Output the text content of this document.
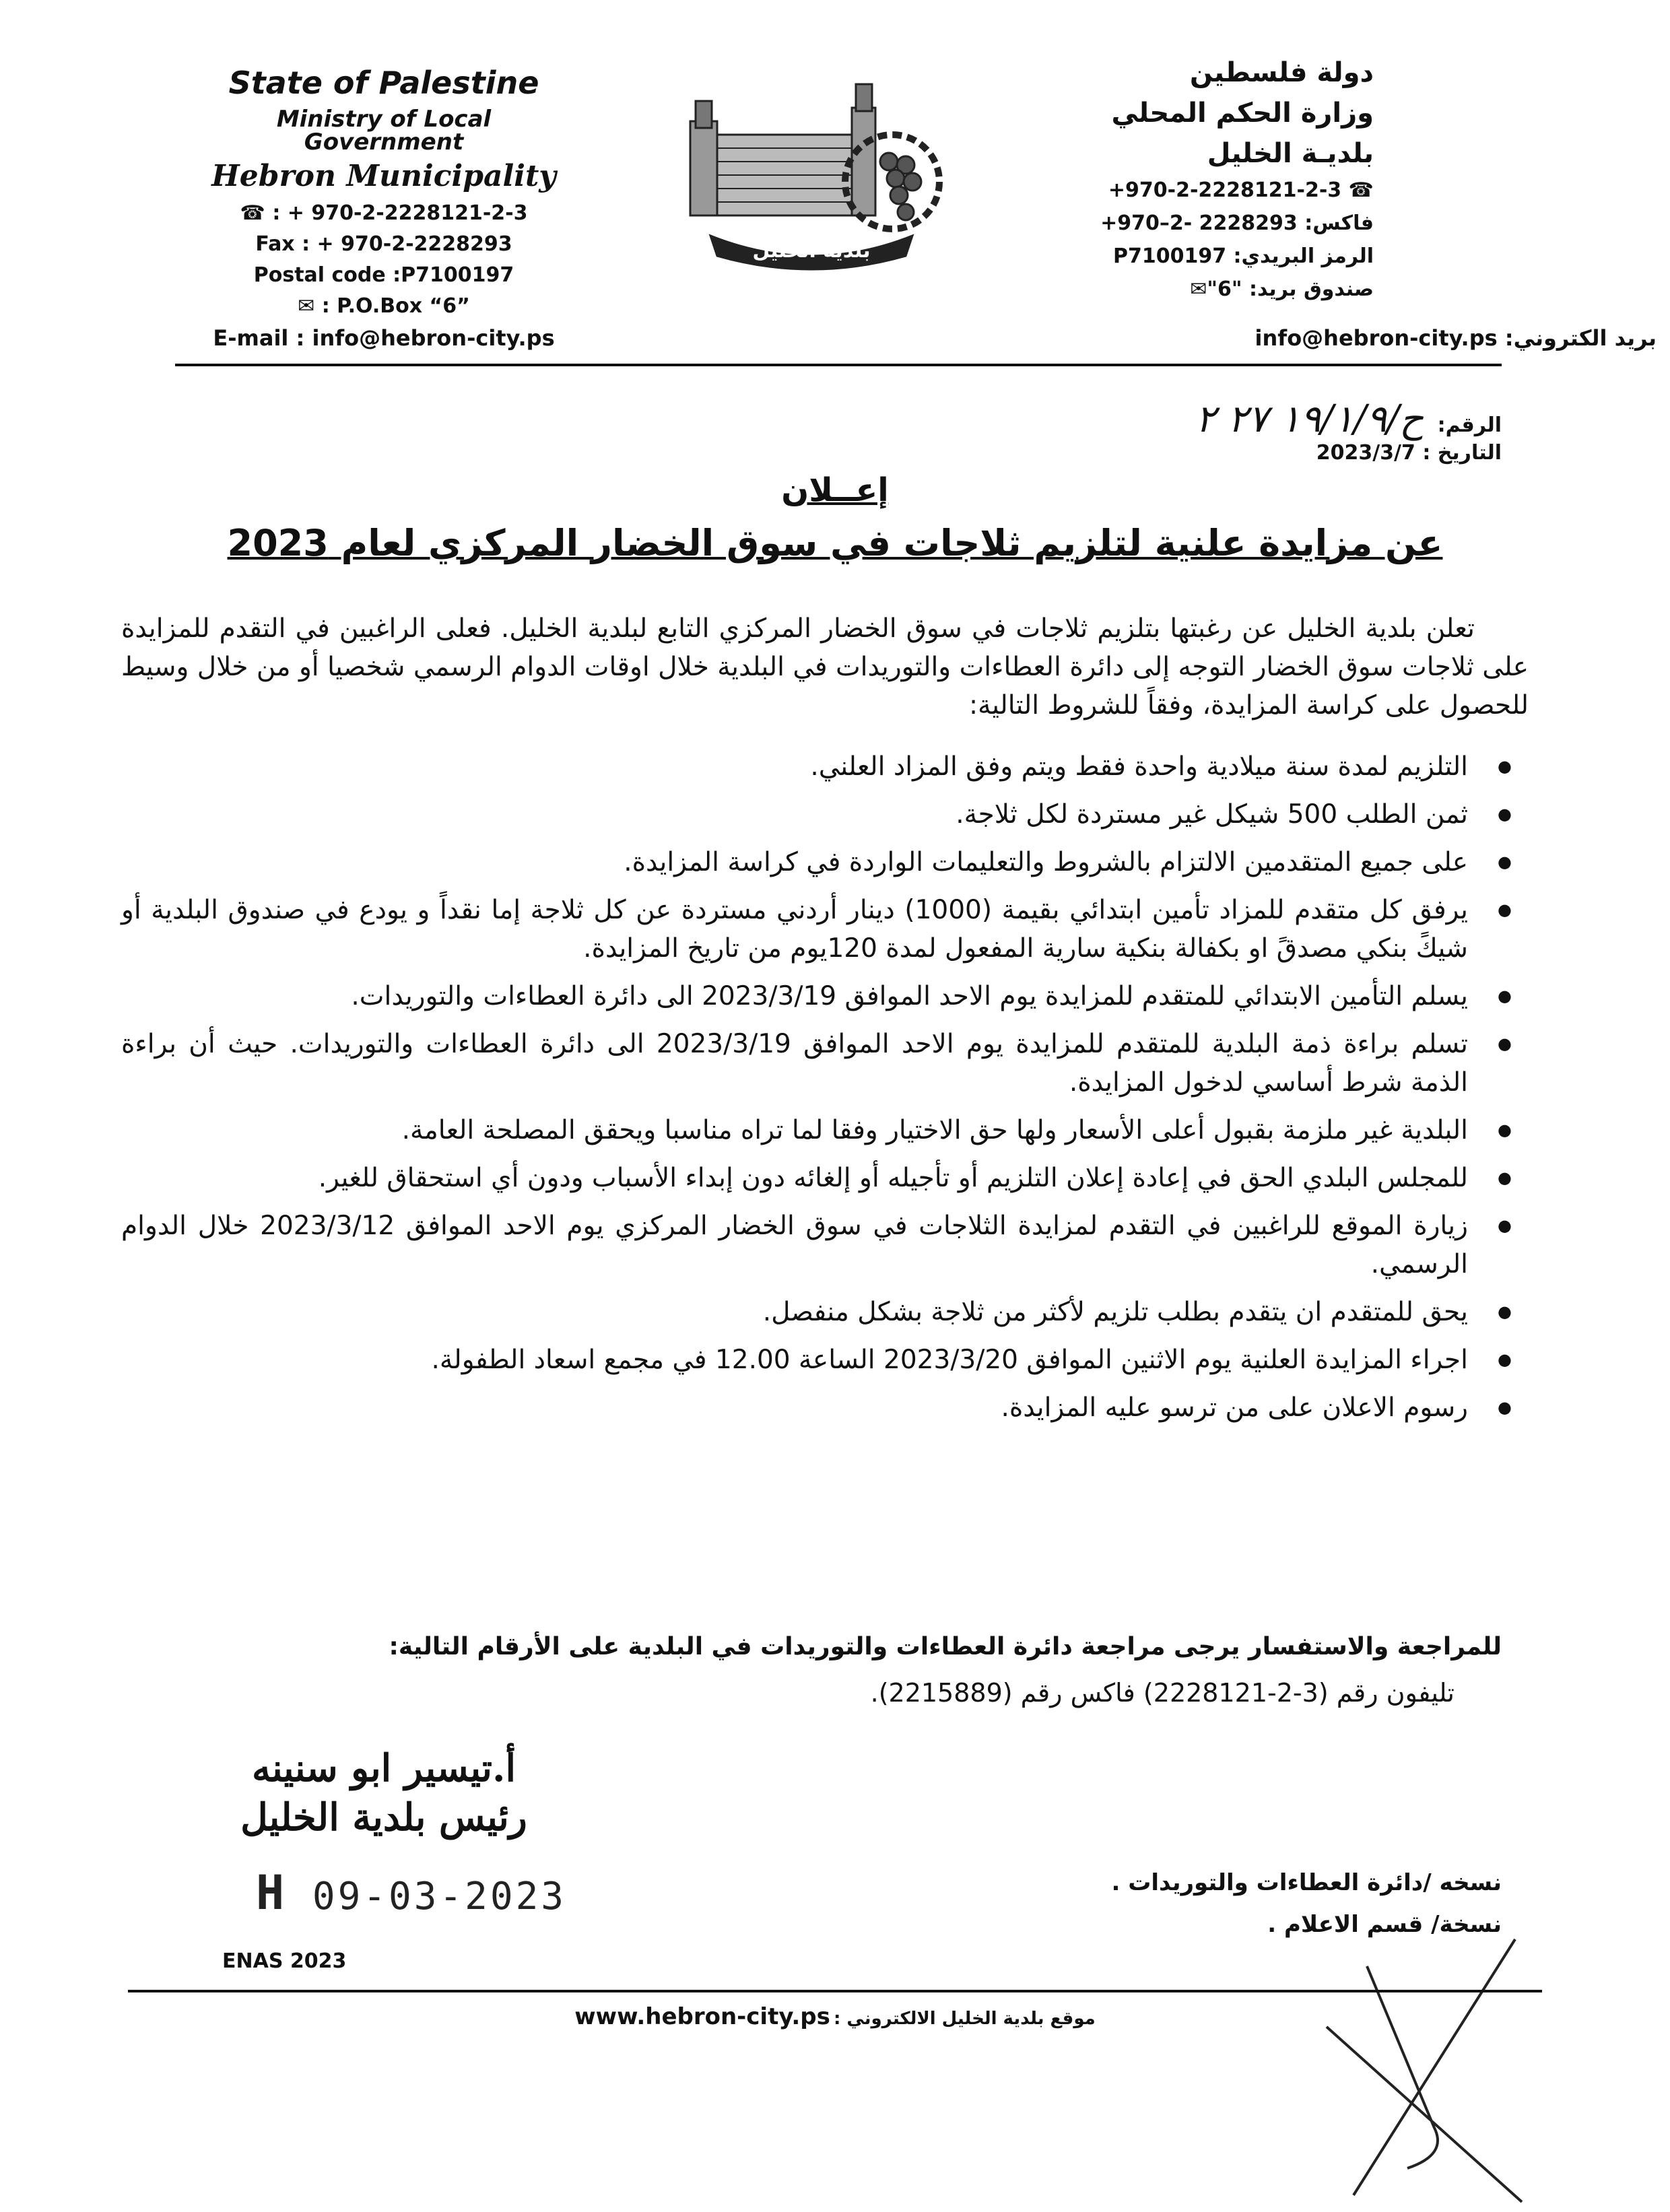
State of Palestine
Ministry of Local Government
Hebron Municipality
☎ : + 970-2-2228121-2-3
Fax : + 970-2-2228293
Postal code :P7100197
✉ : P.O.Box “6”
E-mail : info@hebron-city.ps
بلدية الخليل
دولة فلسطين
وزارة الحكم المحلي
بلديـة الخليل
☎ +970-2-2228121-2-3
فاكس: 2228293 -2–970+
الرمز البريدي: P7100197
صندوق بريد: "6"✉
بريد الكتروني: info@hebron-city.ps
الرقم: ح/١٩/١/٩ ٢٧ ٢
التاريخ : 2023/3/7
إعــلان
عن مزايدة علنية لتلزيم ثلاجات في سوق الخضار المركزي لعام 2023
تعلن بلدية الخليل عن رغبتها بتلزيم ثلاجات في سوق الخضار المركزي التابع لبلدية الخليل. فعلى الراغبين في التقدم للمزايدة على ثلاجات سوق الخضار التوجه إلى دائرة العطاءات والتوريدات في البلدية خلال اوقات الدوام الرسمي شخصيا أو من خلال وسيط للحصول على كراسة المزايدة، وفقاً للشروط التالية:
● التلزيم لمدة سنة ميلادية واحدة فقط ويتم وفق المزاد العلني.
● ثمن الطلب 500 شيكل غير مستردة لكل ثلاجة.
● على جميع المتقدمين الالتزام بالشروط والتعليمات الواردة في كراسة المزايدة.
● يرفق كل متقدم للمزاد تأمين ابتدائي بقيمة (1000) دينار أردني مستردة عن كل ثلاجة إما نقداً و يودع في صندوق البلدية أو شيكً بنكي مصدقً او بكفالة بنكية سارية المفعول لمدة 120يوم من تاريخ المزايدة.
● يسلم التأمين الابتدائي للمتقدم للمزايدة يوم الاحد الموافق 2023/3/19 الى دائرة العطاءات والتوريدات.
● تسلم براءة ذمة البلدية للمتقدم للمزايدة يوم الاحد الموافق 2023/3/19 الى دائرة العطاءات والتوريدات. حيث أن براءة الذمة شرط أساسي لدخول المزايدة.
● البلدية غير ملزمة بقبول أعلى الأسعار ولها حق الاختيار وفقا لما تراه مناسبا ويحقق المصلحة العامة.
● للمجلس البلدي الحق في إعادة إعلان التلزيم أو تأجيله أو إلغائه دون إبداء الأسباب ودون أي استحقاق للغير.
● زيارة الموقع للراغبين في التقدم لمزايدة الثلاجات في سوق الخضار المركزي يوم الاحد الموافق 2023/3/12 خلال الدوام الرسمي.
● يحق للمتقدم ان يتقدم بطلب تلزيم لأكثر من ثلاجة بشكل منفصل.
● اجراء المزايدة العلنية يوم الاثنين الموافق 2023/3/20 الساعة 12.00 في مجمع اسعاد الطفولة.
● رسوم الاعلان على من ترسو عليه المزايدة.
للمراجعة والاستفسار يرجى مراجعة دائرة العطاءات والتوريدات في البلدية على الأرقام التالية:
تليفون رقم (3-2-2228121) فاكس رقم (2215889).
أ.تيسير ابو سنينه
رئيس بلدية الخليل
H 09-03-2023	نسخه /دائرة العطاءات والتوريدات .
نسخة/ قسم الاعلام .
ENAS 2023
موقع بلدية الخليل الالكتروني : www.hebron-city.ps
